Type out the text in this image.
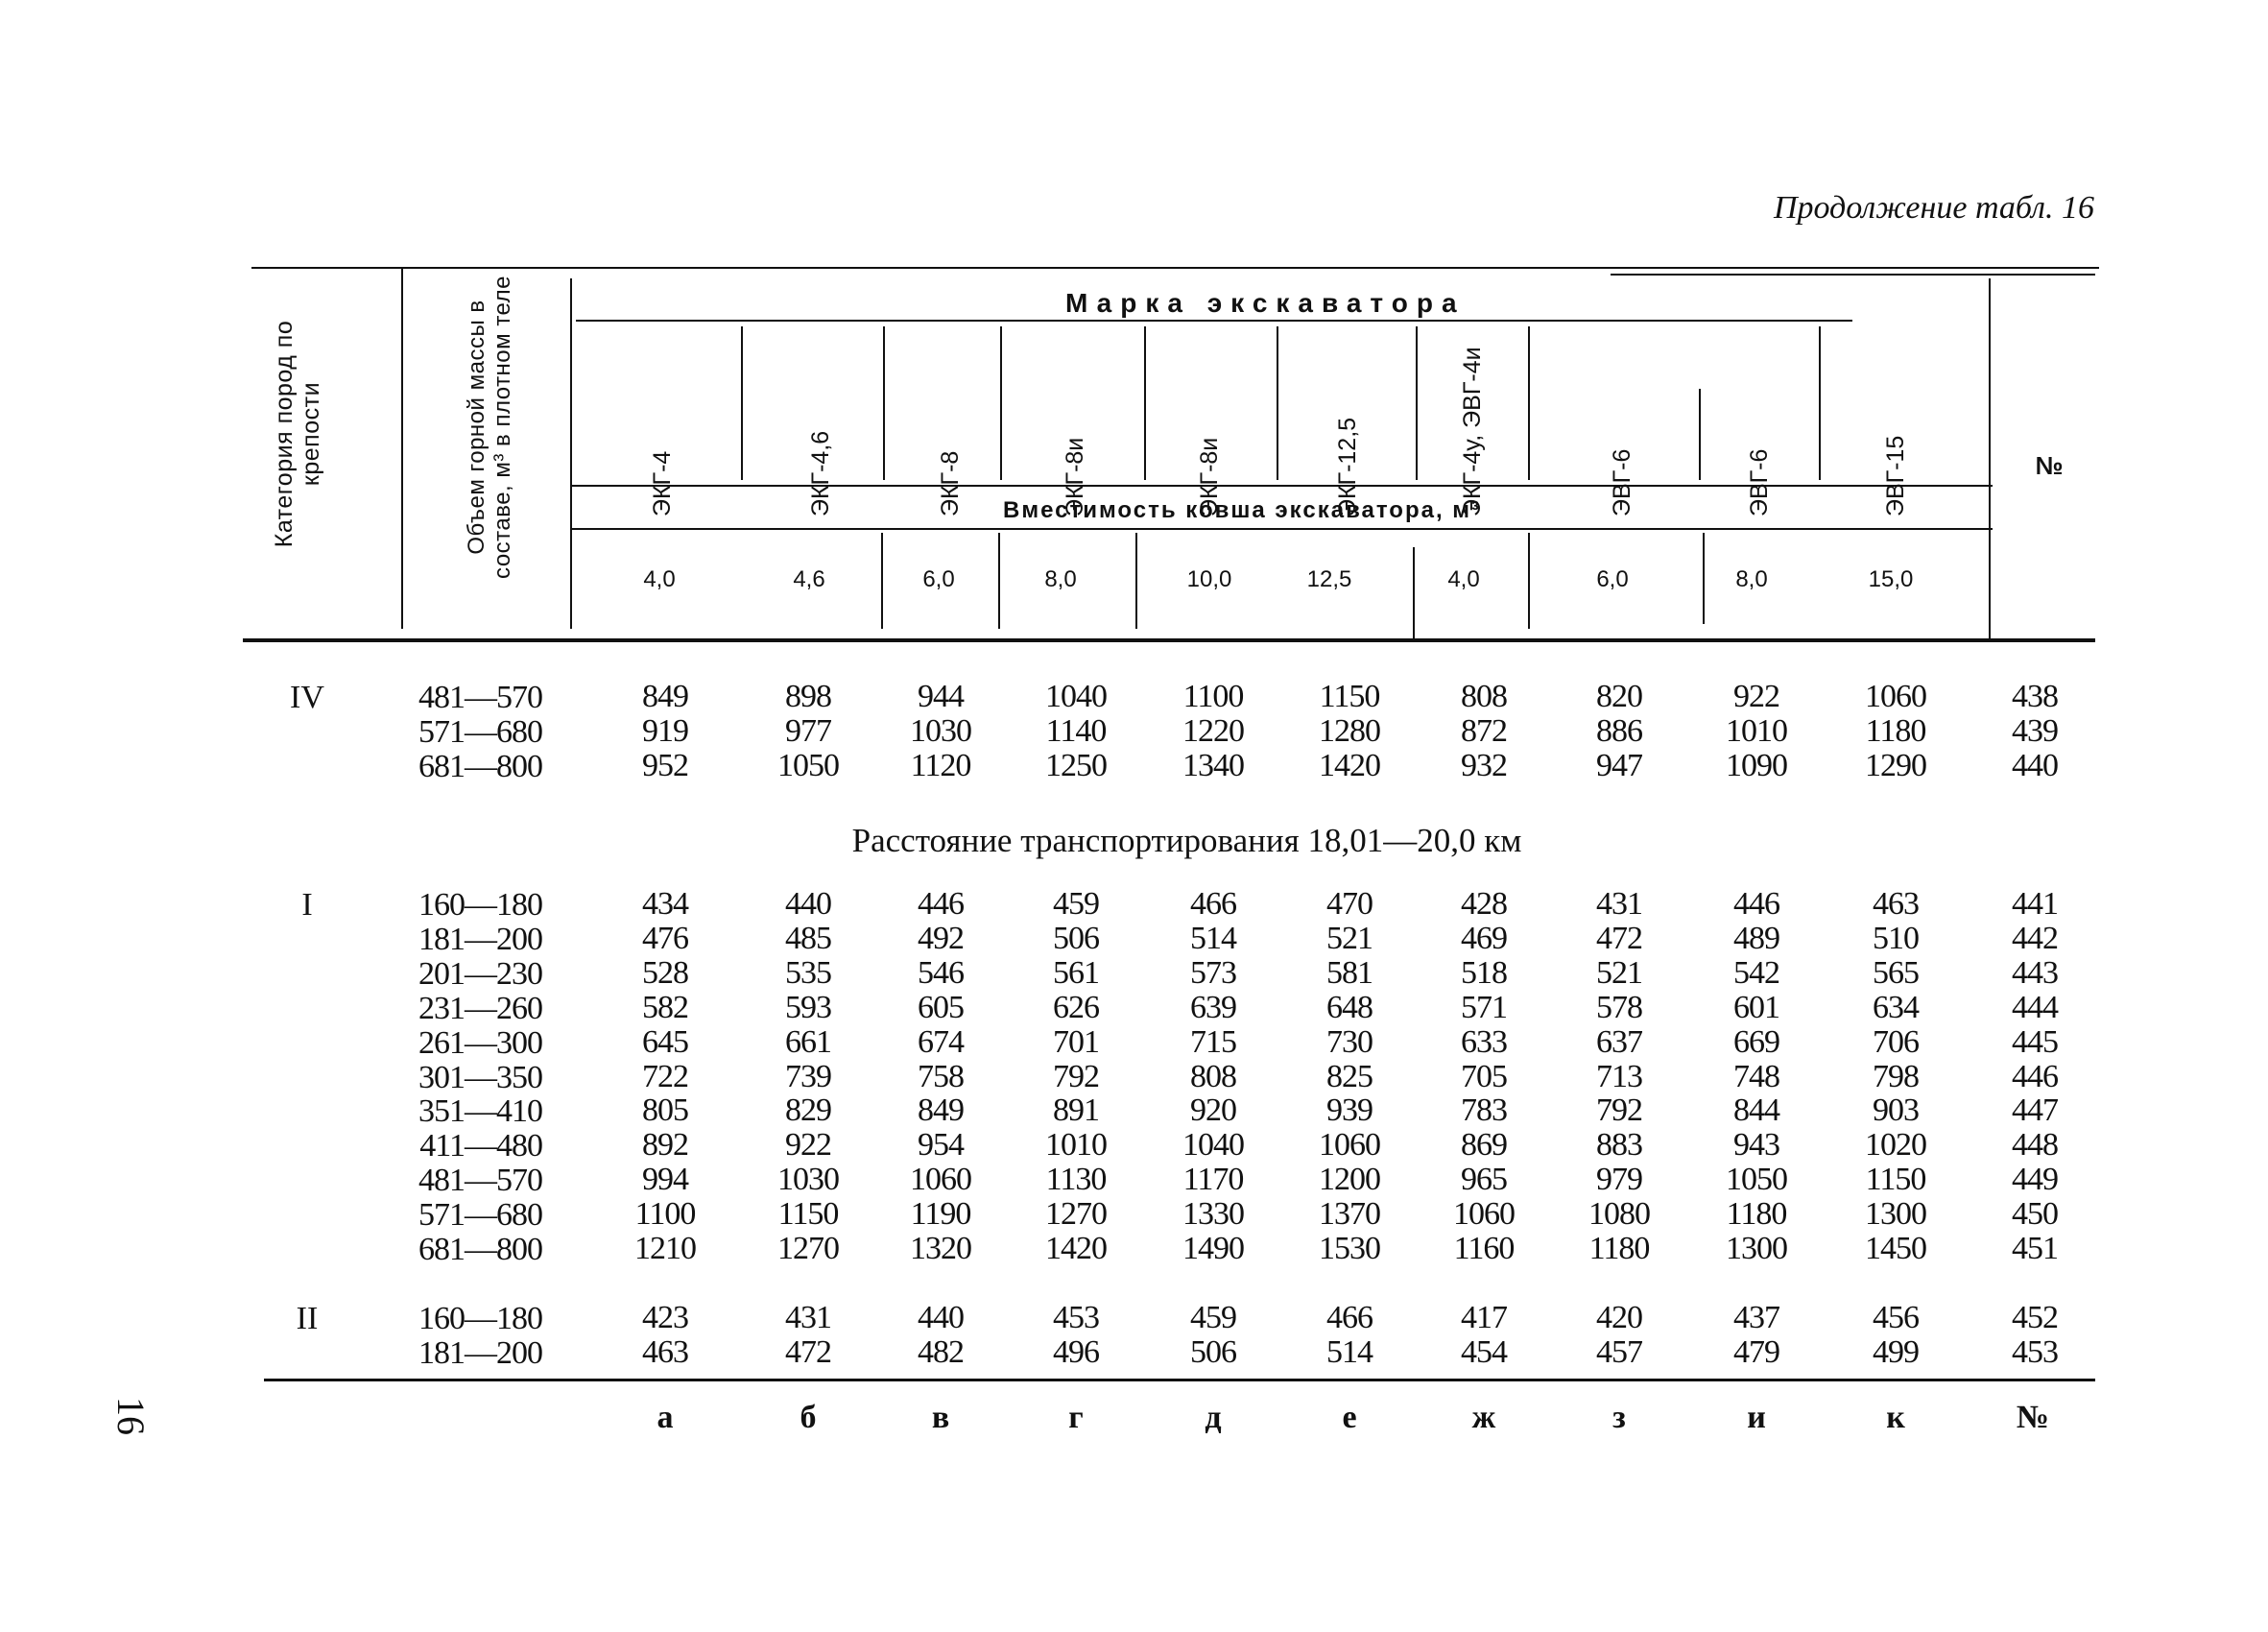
Продолжение табл. 16
16
Категория пород по крепости	Объем горной массы в составе, м³ в плотном теле	Марка экскаватора
Вместимость ковша экскаватора, м³
№
ЭКГ-4	ЭКГ-4,6	ЭКГ-8	ЭКГ-8и	ЭКГ-8и	ЭКГ-12,5	ЭКГ-4у, ЭВГ-4и	ЭВГ-6	ЭВГ-6	ЭВГ-15
4,0	4,6	6,0	8,0	10,0	12,5	4,0	6,0	8,0	15,0
Расстояние транспортирования 18,01—20,0 км
IV	481—570	849	898	944	1040	1100	1150	808	820	922	1060	438
571—680	919	977	1030	1140	1220	1280	872	886	1010	1180	439
681—800	952	1050	1120	1250	1340	1420	932	947	1090	1290	440
I	160—180	434	440	446	459	466	470	428	431	446	463	441
181—200	476	485	492	506	514	521	469	472	489	510	442
201—230	528	535	546	561	573	581	518	521	542	565	443
231—260	582	593	605	626	639	648	571	578	601	634	444
261—300	645	661	674	701	715	730	633	637	669	706	445
301—350	722	739	758	792	808	825	705	713	748	798	446
351—410	805	829	849	891	920	939	783	792	844	903	447
411—480	892	922	954	1010	1040	1060	869	883	943	1020	448
481—570	994	1030	1060	1130	1170	1200	965	979	1050	1150	449
571—680	1100	1150	1190	1270	1330	1370	1060	1080	1180	1300	450
681—800	1210	1270	1320	1420	1490	1530	1160	1180	1300	1450	451
II	160—180	423	431	440	453	459	466	417	420	437	456	452
181—200	463	472	482	496	506	514	454	457	479	499	453
а	б	в	г	д	е	ж	з	и	к	№
